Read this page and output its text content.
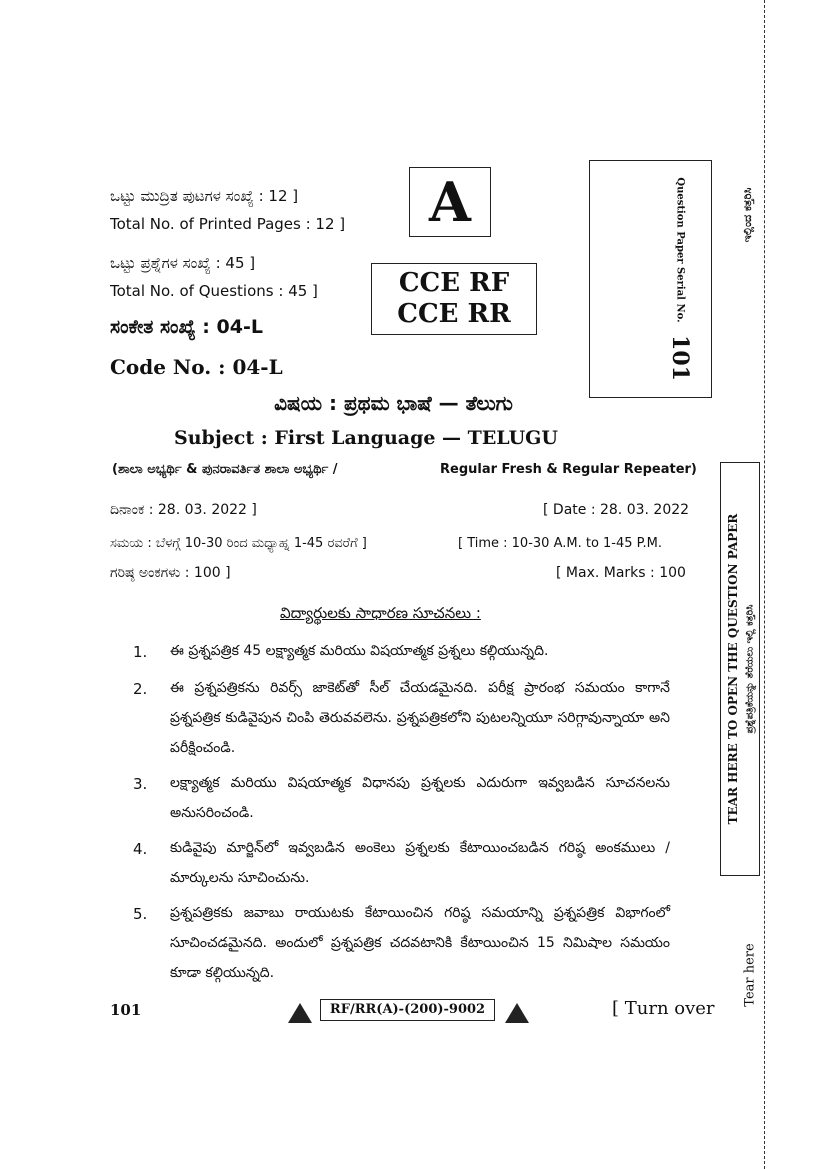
ಒಟ್ಟು ಮುದ್ರಿತ ಪುಟಗಳ ಸಂಖ್ಯೆ : 12 ]
Total No. of Printed Pages : 12 ]
ಒಟ್ಟು ಪ್ರಶ್ನೆಗಳ ಸಂಖ್ಯೆ : 45 ]
Total No. of Questions : 45 ]
ಸಂಕೇತ ಸಂಖ್ಯೆ : 04-L
Code No. : 04-L
A
CCE RF
CCE RR	Question Paper Serial No.
101
ವಿಷಯ : ಪ್ರಥಮ ಭಾಷೆ — ತೆಲುಗು
Subject : First Language — TELUGU
(ಶಾಲಾ ಅಭ್ಯರ್ಥಿ & ಪುನರಾವರ್ತಿತ ಶಾಲಾ ಅಭ್ಯರ್ಥಿ /	Regular Fresh & Regular Repeater)
ದಿನಾಂಕ : 28. 03. 2022 ]	[ Date : 28. 03. 2022
ಸಮಯ : ಬೆಳಗ್ಗೆ 10-30 ರಿಂದ ಮಧ್ಯಾಹ್ನ 1-45 ರವರೆಗೆ ]	[ Time : 10-30 A.M. to 1-45 P.M.
ಗರಿಷ್ಠ ಅಂಕಗಳು : 100 ]	[ Max. Marks : 100
విద్యార్థులకు సాధారణ సూచనలు :
1. ఈ ప్రశ్నపత్రిక 45 లక్ష్యాత్మక మరియు విషయాత్మక ప్రశ్నలు కల్గియున్నది.
2. ఈ ప్రశ్నపత్రికను రివర్స్ జాకెట్‌తో సీల్ చేయడమైనది. పరీక్ష ప్రారంభ సమయం కాగానే ప్రశ్నపత్రిక కుడివైపున చింపి తెరువవలెను. ప్రశ్నపత్రికలోని పుటలన్నియూ సరిగ్గావున్నాయా అని పరీక్షించండి.
3. లక్ష్యాత్మక మరియు విషయాత్మక విధానపు ప్రశ్నలకు ఎదురుగా ఇవ్వబడిన సూచనలను అనుసరించండి.
4. కుడివైపు మార్జిన్‌లో ఇవ్వబడిన అంకెలు ప్రశ్నలకు కేటాయించబడిన గరిష్ఠ అంకములు / మార్కులను సూచించును.
5. ప్రశ్నపత్రికకు జవాబు రాయుటకు కేటాయించిన గరిష్ఠ సమయాన్ని ప్రశ్నపత్రిక విభాగంలో సూచించడమైనది. అందులో ప్రశ్నపత్రిక చదవటానికి కేటాయించిన 15 నిమిషాల సమయం కూడా కల్గియున్నది.
ಇಲ್ಲಿಂದ ಕತ್ತರಿಸಿ
TEAR HERE TO OPEN THE QUESTION PAPER ಪ್ರಶ್ನೆಪತ್ರಿಕೆಯನ್ನು ತೆರೆಯಲು ಇಲ್ಲಿ ಕತ್ತರಿಸಿ
Tear here
101	RF/RR(A)-(200)-9002	[ Turn over
